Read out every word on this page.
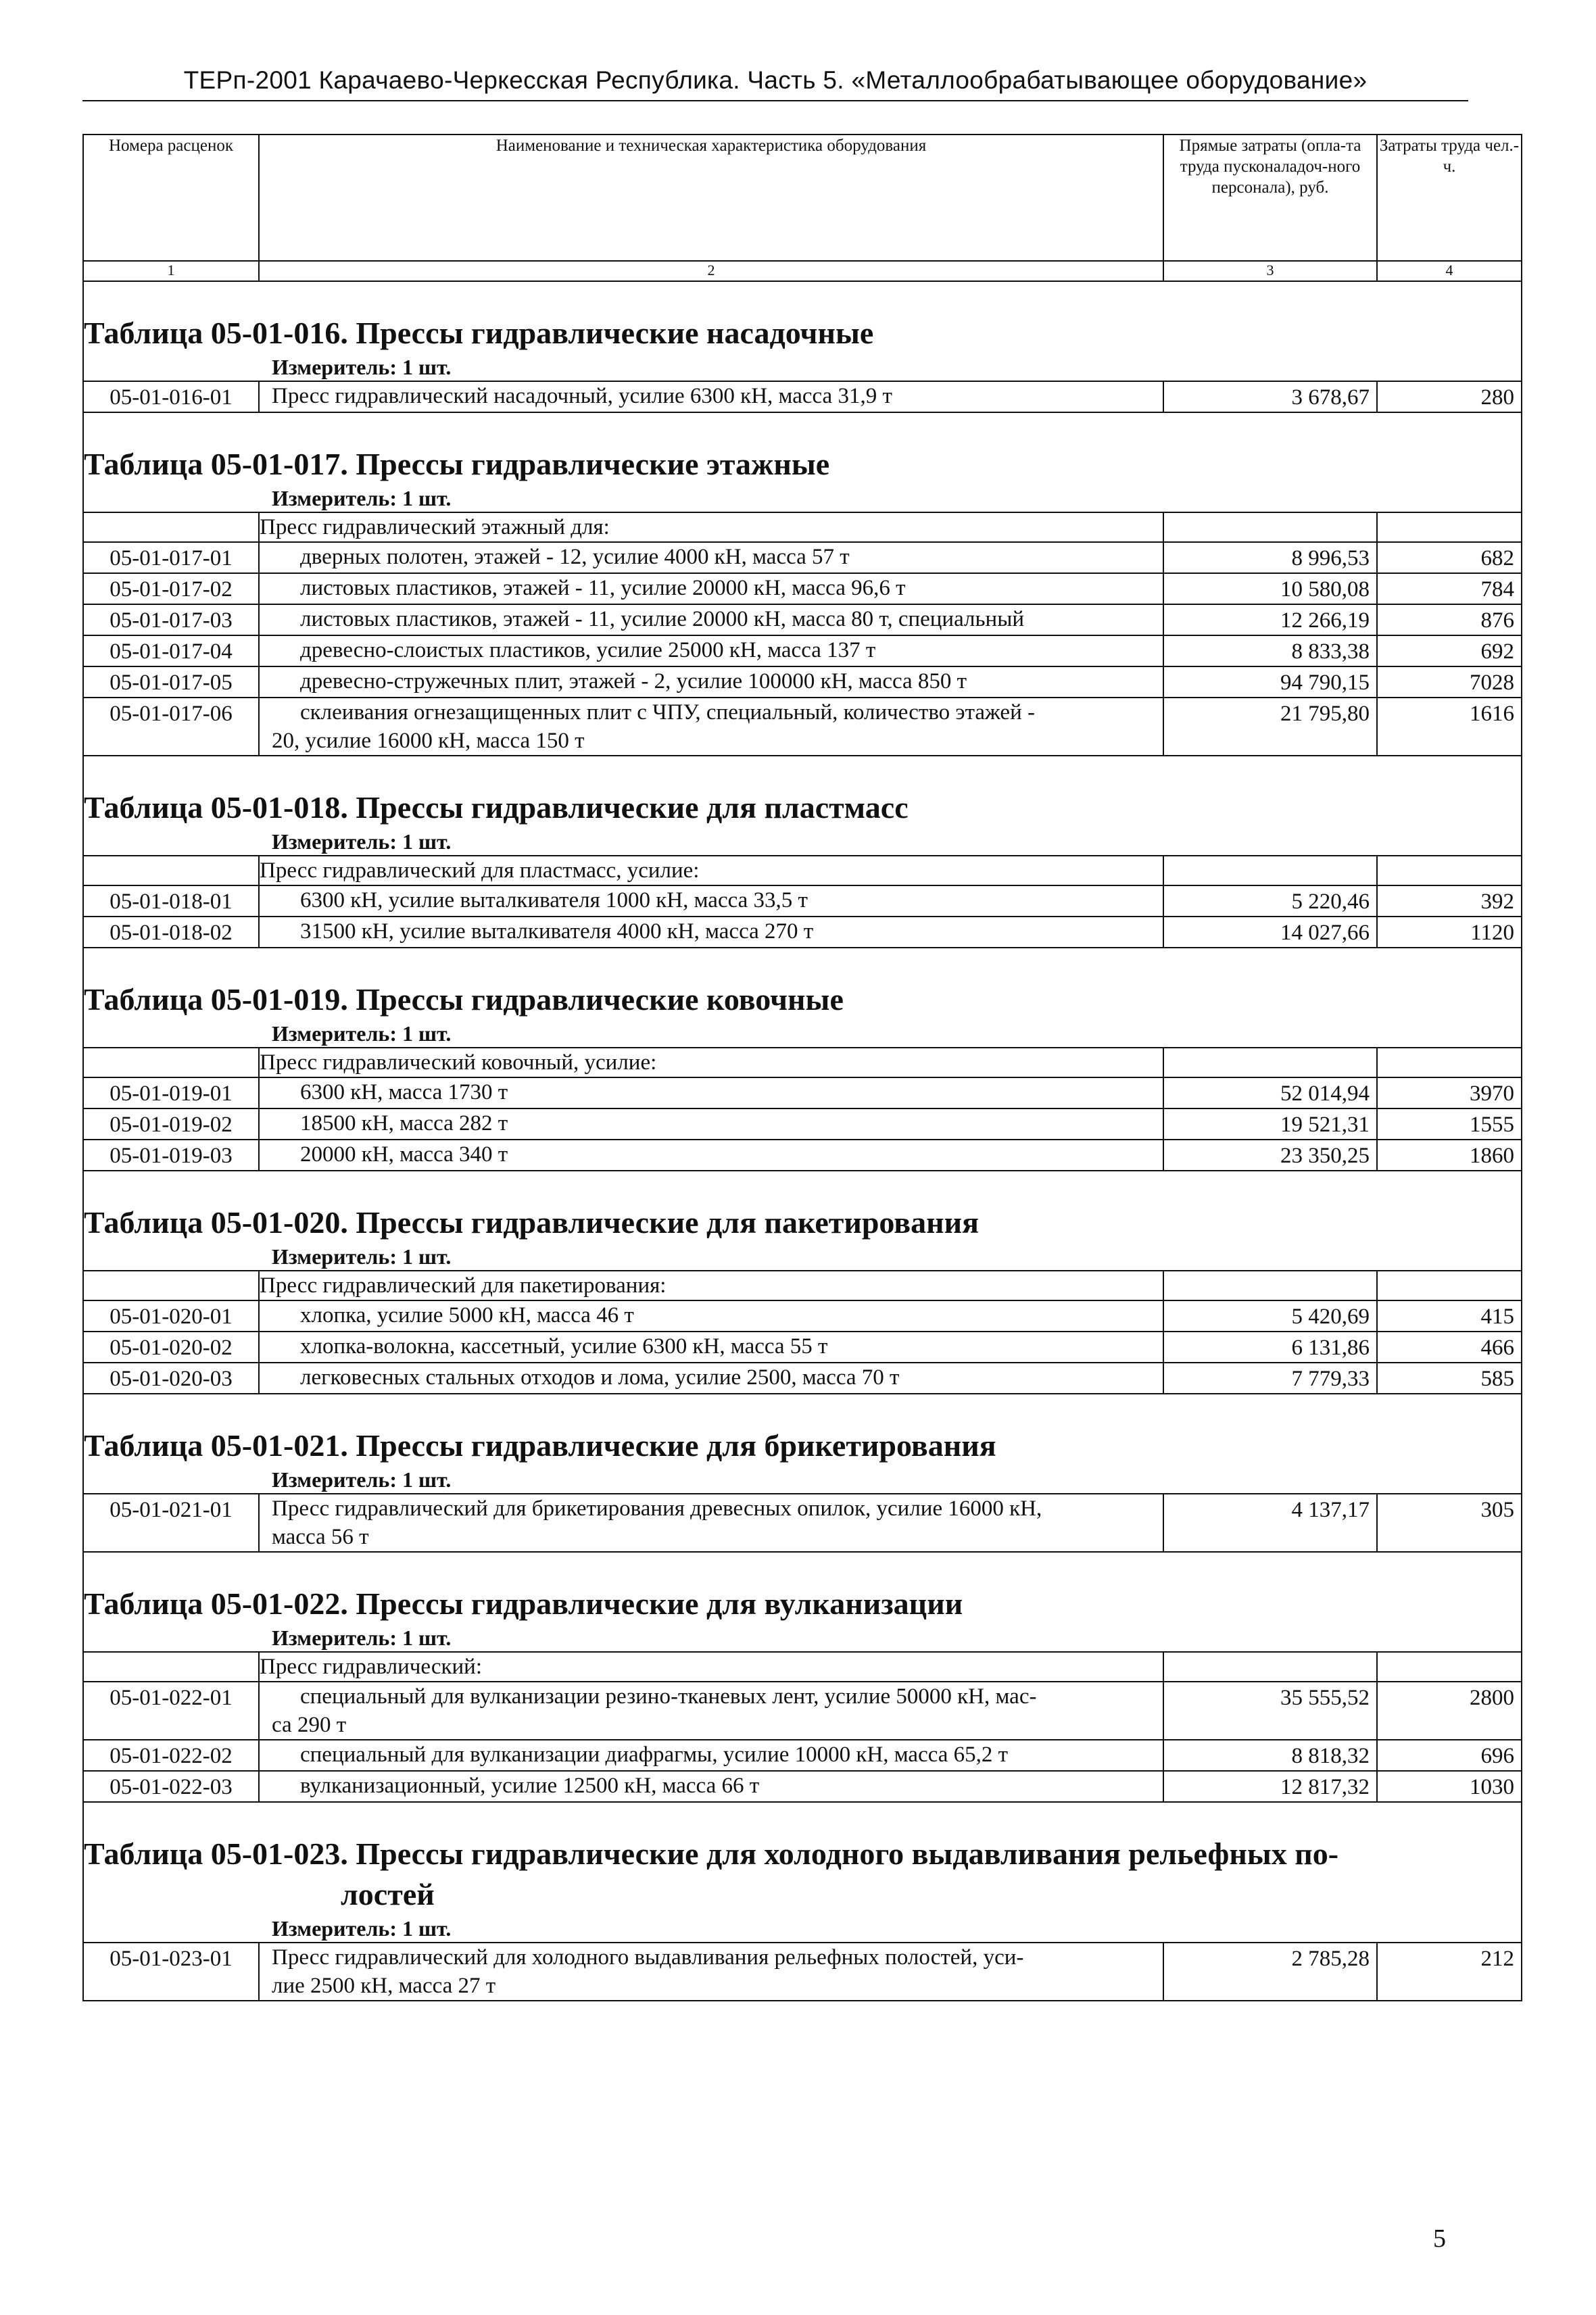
ТЕРп-2001 Карачаево-Черкесская Республика. Часть 5. «Металлообрабатывающее оборудование»
Номера расценок	Наименование и техническая характеристика оборудования	Прямые затраты (опла-та труда пусконаладоч-ного персонала), руб.	Затраты труда чел.-ч.
1	2	3	4

Таблица 05-01-016. Прессы гидравлические насадочные			
Измеритель: 1 шт.			
05-01-016-01	Пресс гидравлический насадочный, усилие 6300 кН, масса 31,9 т	3 678,67	280

Таблица 05-01-017. Прессы гидравлические этажные			
Измеритель: 1 шт.			
	Пресс гидравлический этажный для:		
05-01-017-01	дверных полотен, этажей - 12, усилие 4000 кН, масса 57 т	8 996,53	682
05-01-017-02	листовых пластиков, этажей - 11, усилие 20000 кН, масса 96,6 т	10 580,08	784
05-01-017-03	листовых пластиков, этажей - 11, усилие 20000 кН, масса 80 т, специальный	12 266,19	876
05-01-017-04	древесно-слоистых пластиков, усилие 25000 кН, масса 137 т	8 833,38	692
05-01-017-05	древесно-стружечных плит, этажей - 2, усилие 100000 кН, масса 850 т	94 790,15	7028
05-01-017-06	склеивания огнезащищенных плит с ЧПУ, специальный, количество этажей -
20, усилие 16000 кН, масса 150 т	21 795,80	1616

Таблица 05-01-018. Прессы гидравлические для пластмасс			
Измеритель: 1 шт.			
	Пресс гидравлический для пластмасс, усилие:		
05-01-018-01	6300 кН, усилие выталкивателя 1000 кН, масса 33,5 т	5 220,46	392
05-01-018-02	31500 кН, усилие выталкивателя 4000 кН, масса 270 т	14 027,66	1120

Таблица 05-01-019. Прессы гидравлические ковочные			
Измеритель: 1 шт.			
	Пресс гидравлический ковочный, усилие:		
05-01-019-01	6300 кН, масса 1730 т	52 014,94	3970
05-01-019-02	18500 кН, масса 282 т	19 521,31	1555
05-01-019-03	20000 кН, масса 340 т	23 350,25	1860

Таблица 05-01-020. Прессы гидравлические для пакетирования			
Измеритель: 1 шт.			
	Пресс гидравлический для пакетирования:		
05-01-020-01	хлопка, усилие 5000 кН, масса 46 т	5 420,69	415
05-01-020-02	хлопка-волокна, кассетный, усилие 6300 кН, масса 55 т	6 131,86	466
05-01-020-03	легковесных стальных отходов и лома, усилие 2500, масса 70 т	7 779,33	585

Таблица 05-01-021. Прессы гидравлические для брикетирования			
Измеритель: 1 шт.			
05-01-021-01	Пресс гидравлический для брикетирования древесных опилок, усилие 16000 кН,
масса 56 т	4 137,17	305

Таблица 05-01-022. Прессы гидравлические для вулканизации			
Измеритель: 1 шт.			
	Пресс гидравлический:		
05-01-022-01	специальный для вулканизации резино-тканевых лент, усилие 50000 кН, мас-
са 290 т	35 555,52	2800
05-01-022-02	специальный для вулканизации диафрагмы, усилие 10000 кН, масса 65,2 т	8 818,32	696
05-01-022-03	вулканизационный, усилие 12500 кН, масса 66 т	12 817,32	1030

Таблица 05-01-023. Прессы гидравлические для холодного выдавливания рельефных по-
лостей			

Измеритель: 1 шт.			
05-01-023-01	Пресс гидравлический для холодного выдавливания рельефных полостей, уси-
лие 2500 кН, масса 27 т	2 785,28	212
5
